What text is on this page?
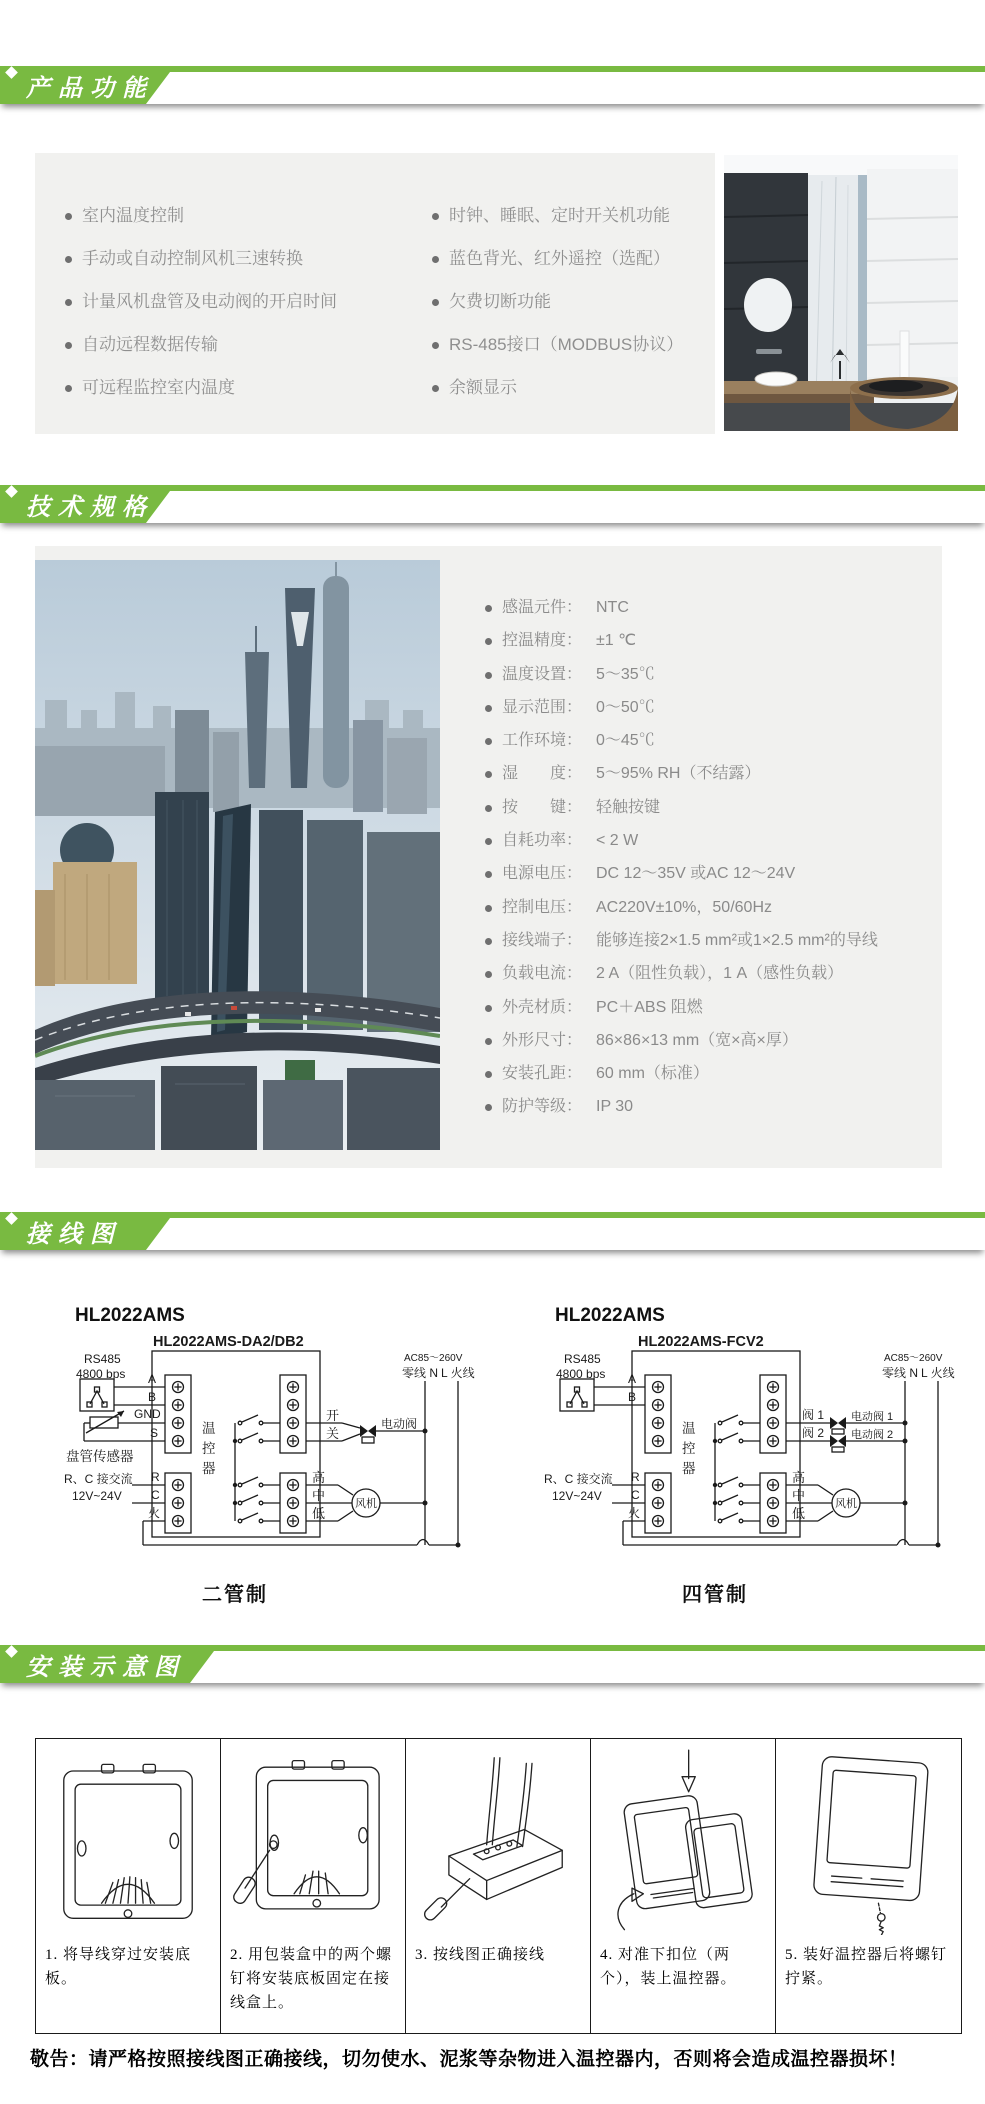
产品功能
室内温度控制
手动或自动控制风机三速转换
计量风机盘管及电动阀的开启时间
自动远程数据传输
可远程监控室内温度
时钟、睡眠、定时开关机功能
蓝色背光、红外遥控（选配）
欠费切断功能
RS-485接口（MODBUS协议）
余额显示
技术规格
感温元件： NTC
控温精度： ±1 ℃
温度设置： 5～35℃
显示范围： 0～50℃
工作环境： 0～45℃
湿　　度： 5～95% RH（不结露）
按　　键： 轻触按键
自耗功率： < 2 W
电源电压： DC 12～35V 或AC 12～24V
控制电压： AC220V±10%，50/60Hz
接线端子： 能够连接2×1.5 mm²或1×2.5 mm²的导线
负载电流： 2 A（阻性负载），1 A（感性负载）
外壳材质： PC＋ABS 阻燃
外形尺寸： 86×86×13 mm（宽×高×厚）
安装孔距： 60 mm（标准）
防护等级： IP 30
接线图
HL2022AMS
HL2022AMS-DA2/DB2
RS485
4800 bps A
B
GND
S
盘管传感器
温
控
器
开
关
电动阀
AC85～260V
零线 N L 火线
R、C 接交流
12V~24V
R
C
火
高
中
低
风机
二管制
HL2022AMS
HL2022AMS-FCV2
RS485
4800 bps A
B
温
控
器
阀 1
阀 2
电动阀 1
电动阀 2
AC85～260V
零线 N L 火线
R、C 接交流
12V~24V
R
C
火
高
中
低
风机
四管制
安装示意图
1. 将导线穿过安装底板。
2. 用包装盒中的两个螺钉将安装底板固定在接线盒上。
3. 按线图正确接线	4. 对准下扣位（两个），装上温控器。
5. 装好温控器后将螺钉拧紧。
敬告：请严格按照接线图正确接线，切勿使水、泥浆等杂物进入温控器内，否则将会造成温控器损坏！
